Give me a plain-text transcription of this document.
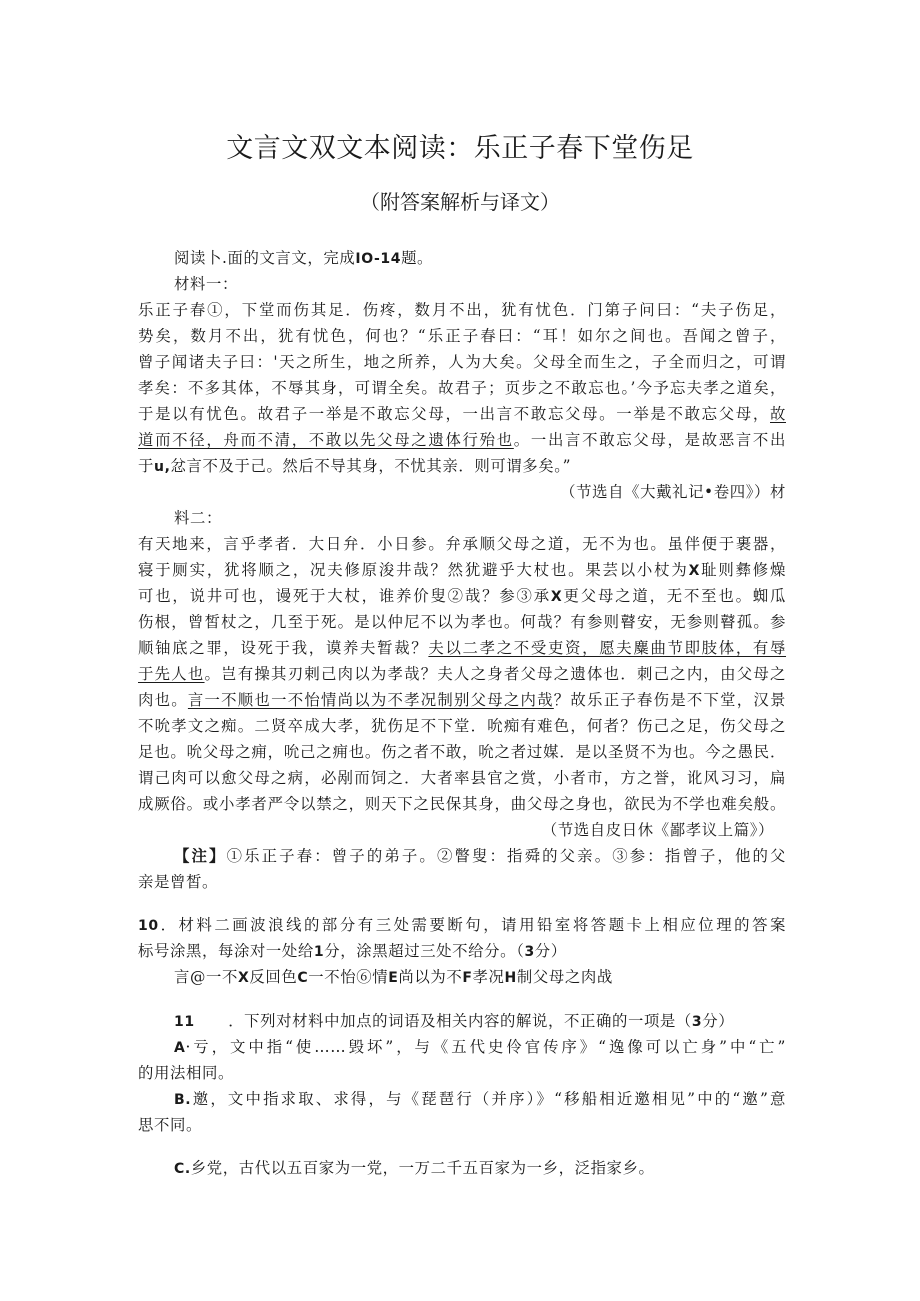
文言文双文本阅读：乐正子春下堂伤足
（附答案解析与译文）
阅读卜.面的文言文，完成IO-14题。
材料一：
乐正子春①，下堂而伤其足．伤疼，数月不出，犹有忧色．门第子问曰：“夫子伤足，
势矣，数月不出，犹有忧色，何也？“乐正子春曰：“耳！如尔之间也。吾闻之曾子，
曾子闻诸夫子曰：'天之所生，地之所养，人为大矣。父母全而生之，子全而归之，可谓
孝矣：不多其体，不辱其身，可谓全矣。故君子；页步之不敢忘也。’今予忘夫孝之道矣，
于是以有忧色。故君子一举是不敢忘父母，一出言不敢忘父母。一举是不敢忘父母，故
道而不径，舟而不清，不敢以先父母之遗体行殆也。一出言不敢忘父母，是故恶言不出
于u,忿言不及于己。然后不导其身，不忧其亲．则可谓多矣。”
（节选自《大戴礼记•卷四》）材
料二：
有天地来，言乎孝者．大日弁．小日参。弁承顺父母之道，无不为也。虽伴便于裹器，
寝于厕实，犹将顺之，况夫修原浚井哉？然犹避乎大杖也。果芸以小杖为X耻则彝修燥
可也，说井可也，谩死于大杖，谁养价叟②哉？参③承X更父母之道，无不至也。蜘瓜
伤根，曾皙杖之，几至于死。是以仲尼不以为孝也。何哉？有参则瞽安，无参则瞽孤。参
顺铀底之罪，设死于我，谟养夫暂裁？夫以二孝之不受吏资，愿夫麋曲节即肢体，有辱
于先人也。岂有操其刃剌己肉以为孝哉？夫人之身者父母之遗体也．刺己之内，由父母之
肉也。言一不顺也一不怡情尚以为不孝况制别父母之内哉？故乐正子春伤是不下堂，汉景
不吮孝文之痴。二贤卒成大孝，犹伤足不下堂．吮痴有难色，何者？伤己之足，伤父母之
足也。吮父母之痈，吮己之痈也。伤之者不敢，吮之者过媒．是以圣贤不为也。今之愚民．
谓己肉可以愈父母之病，必剐而饲之．大者率县官之赏，小者市，方之誉，讹风习习，扁
成厥俗。或小孝者严令以禁之，则天下之民保其身，曲父母之身也，欲民为不学也难矣般。
（节选自皮日休《鄙孝议上篇》）
【注】①乐正子春：曾子的弟子。②瞥叟：指舜的父亲。③参：指曾子，他的父
亲是曾皙。
10．材料二画波浪线的部分有三处需要断句，请用铅室将答题卡上相应位理的答案
标号涂黑，每涂对一处给1分，涂黑超过三处不给分。（3分）
言@一不X反回色C一不怡⑥情E尚以为不F孝况H制父母之肉战
11 ．下列对材料中加点的词语及相关内容的解说，不正确的一项是（3分）
A·亏，文中指“使……毁坏”，与《五代史伶官传序》“逸像可以亡身”中“亡”
的用法相同。
B.邀，文中指求取、求得，与《琵琶行（并序）》“移船相近邀相见”中的“邀”意
思不同。
C.乡党，古代以五百家为一党，一万二千五百家为一乡，泛指家乡。
